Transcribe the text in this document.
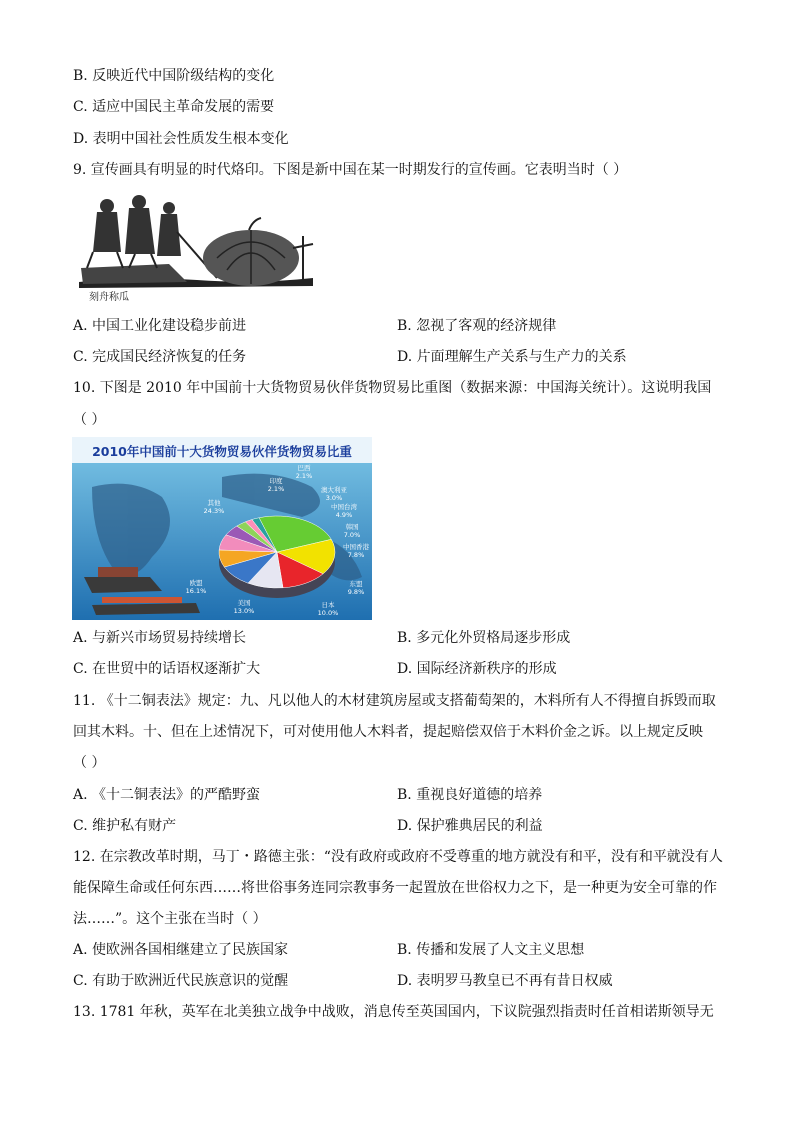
B. 反映近代中国阶级结构的变化
C. 适应中国民主革命发展的需要
D. 表明中国社会性质发生根本变化
9. 宣传画具有明显的时代烙印。下图是新中国在某一时期发行的宣传画。它表明当时（ ）
刻舟称瓜
A. 中国工业化建设稳步前进	B. 忽视了客观的经济规律
C. 完成国民经济恢复的任务	D. 片面理解生产关系与生产力的关系
10. 下图是 2010 年中国前十大货物贸易伙伴货物贸易比重图（数据来源：中国海关统计）。这说明我国
（ ）
2010年中国前十大货物贸易伙伴货物贸易比重
其他
24.3%
欧盟
16.1%
美国
13.0%
日本
10.0%
东盟
9.8%
中国香港
7.8%
韩国
7.0%
中国台湾
4.9%
澳大利亚
3.0%
巴西
2.1%
印度
2.1%
A. 与新兴市场贸易持续增长	B. 多元化外贸格局逐步形成
C. 在世贸中的话语权逐渐扩大	D. 国际经济新秩序的形成
11. 《十二铜表法》规定：九、凡以他人的木材建筑房屋或支搭葡萄架的，木料所有人不得擅自拆毁而取
回其木料。十、但在上述情况下，可对使用他人木料者，提起赔偿双倍于木料价金之诉。以上规定反映
（ ）
A. 《十二铜表法》的严酷野蛮	B. 重视良好道德的培养
C. 维护私有财产	D. 保护雅典居民的利益
12. 在宗教改革时期，马丁・路德主张：“没有政府或政府不受尊重的地方就没有和平，没有和平就没有人
能保障生命或任何东西……将世俗事务连同宗教事务一起置放在世俗权力之下，是一种更为安全可靠的作
法……”。这个主张在当时（ ）
A. 使欧洲各国相继建立了民族国家	B. 传播和发展了人文主义思想
C. 有助于欧洲近代民族意识的觉醒	D. 表明罗马教皇已不再有昔日权威
13. 1781 年秋，英军在北美独立战争中战败，消息传至英国国内，下议院强烈指责时任首相诺斯领导无
